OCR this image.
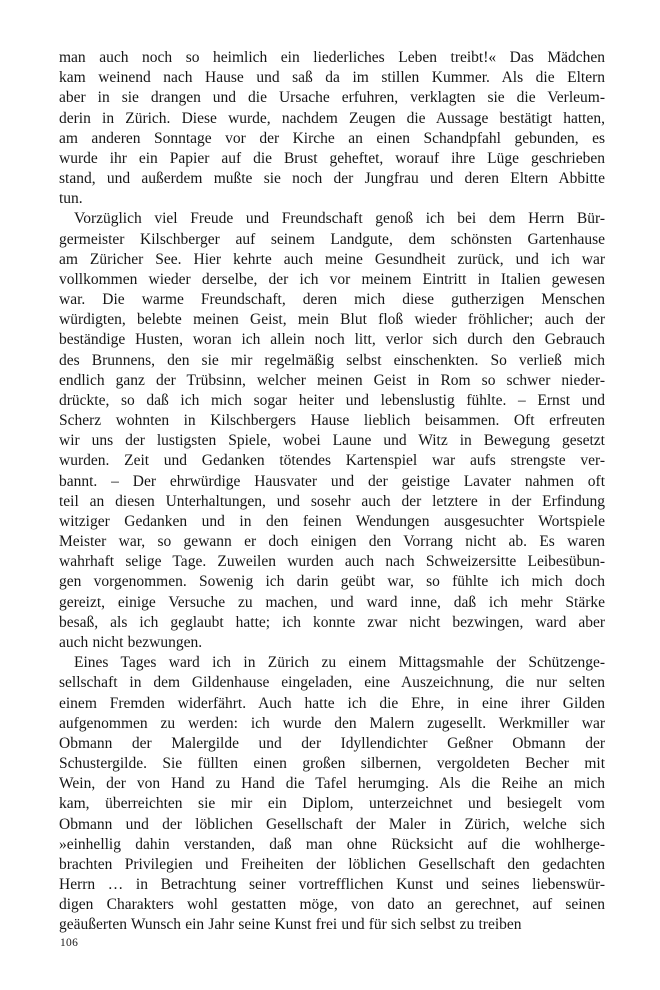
man auch noch so heimlich ein liederliches Leben treibt!« Das Mädchen
kam weinend nach Hause und saß da im stillen Kummer. Als die Eltern
aber in sie drangen und die Ursache erfuhren, verklagten sie die Verleum-
derin in Zürich. Diese wurde, nachdem Zeugen die Aussage bestätigt hatten,
am anderen Sonntage vor der Kirche an einen Schandpfahl gebunden, es
wurde ihr ein Papier auf die Brust geheftet, worauf ihre Lüge geschrieben
stand, und außerdem mußte sie noch der Jungfrau und deren Eltern Abbitte
tun.
Vorzüglich viel Freude und Freundschaft genoß ich bei dem Herrn Bür-
germeister Kilschberger auf seinem Landgute, dem schönsten Gartenhause
am Züricher See. Hier kehrte auch meine Gesundheit zurück, und ich war
vollkommen wieder derselbe, der ich vor meinem Eintritt in Italien gewesen
war. Die warme Freundschaft, deren mich diese gutherzigen Menschen
würdigten, belebte meinen Geist, mein Blut floß wieder fröhlicher; auch der
beständige Husten, woran ich allein noch litt, verlor sich durch den Gebrauch
des Brunnens, den sie mir regelmäßig selbst einschenkten. So verließ mich
endlich ganz der Trübsinn, welcher meinen Geist in Rom so schwer nieder-
drückte, so daß ich mich sogar heiter und lebenslustig fühlte. – Ernst und
Scherz wohnten in Kilschbergers Hause lieblich beisammen. Oft erfreuten
wir uns der lustigsten Spiele, wobei Laune und Witz in Bewegung gesetzt
wurden. Zeit und Gedanken tötendes Kartenspiel war aufs strengste ver-
bannt. – Der ehrwürdige Hausvater und der geistige Lavater nahmen oft
teil an diesen Unterhaltungen, und sosehr auch der letztere in der Erfindung
witziger Gedanken und in den feinen Wendungen ausgesuchter Wortspiele
Meister war, so gewann er doch einigen den Vorrang nicht ab. Es waren
wahrhaft selige Tage. Zuweilen wurden auch nach Schweizersitte Leibesübun-
gen vorgenommen. Sowenig ich darin geübt war, so fühlte ich mich doch
gereizt, einige Versuche zu machen, und ward inne, daß ich mehr Stärke
besaß, als ich geglaubt hatte; ich konnte zwar nicht bezwingen, ward aber
auch nicht bezwungen.
Eines Tages ward ich in Zürich zu einem Mittagsmahle der Schützenge-
sellschaft in dem Gildenhause eingeladen, eine Auszeichnung, die nur selten
einem Fremden widerfährt. Auch hatte ich die Ehre, in eine ihrer Gilden
aufgenommen zu werden: ich wurde den Malern zugesellt. Werkmiller war
Obmann der Malergilde und der Idyllendichter Geßner Obmann der
Schustergilde. Sie füllten einen großen silbernen, vergoldeten Becher mit
Wein, der von Hand zu Hand die Tafel herumging. Als die Reihe an mich
kam, überreichten sie mir ein Diplom, unterzeichnet und besiegelt vom
Obmann und der löblichen Gesellschaft der Maler in Zürich, welche sich
»einhellig dahin verstanden, daß man ohne Rücksicht auf die wohlherge-
brachten Privilegien und Freiheiten der löblichen Gesellschaft den gedachten
Herrn … in Betrachtung seiner vortrefflichen Kunst und seines liebenswür-
digen Charakters wohl gestatten möge, von dato an gerechnet, auf seinen
geäußerten Wunsch ein Jahr seine Kunst frei und für sich selbst zu treiben
106
